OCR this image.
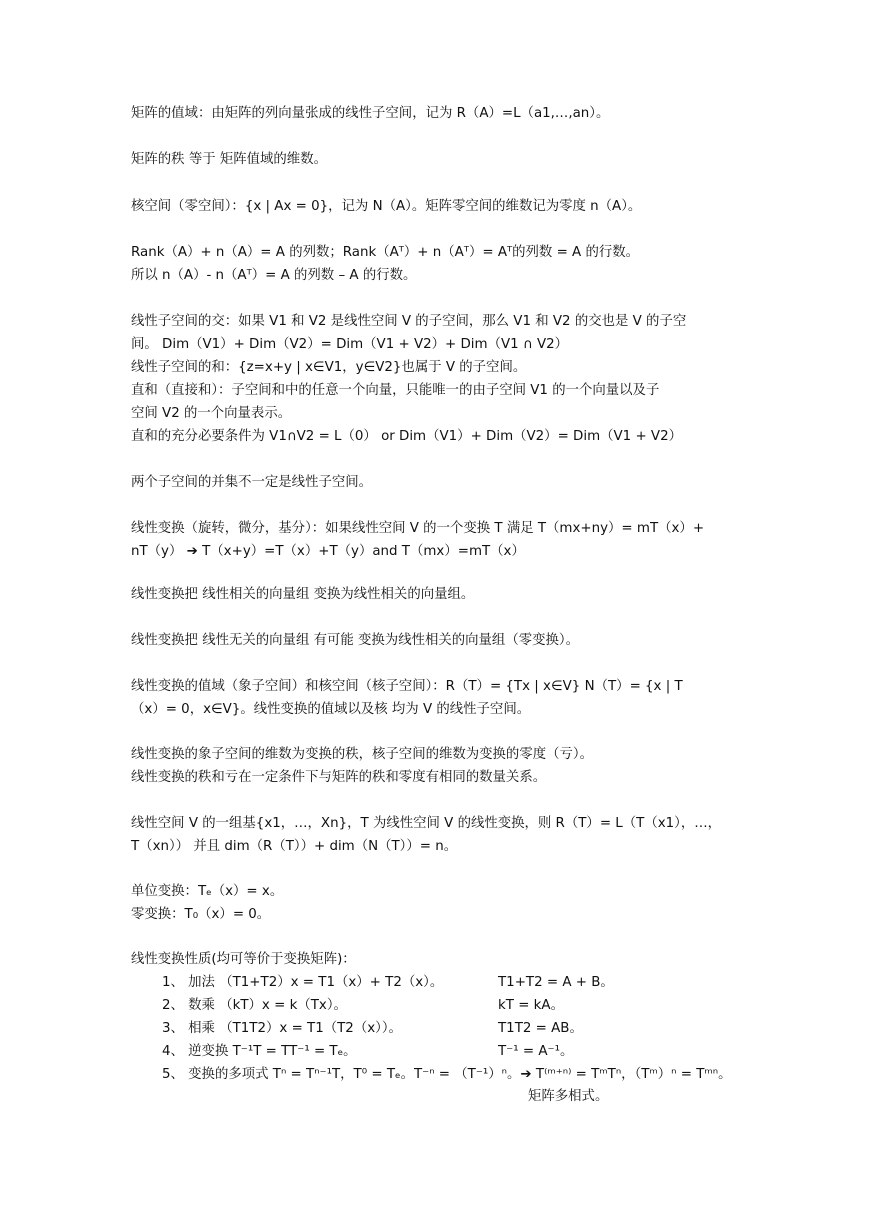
矩阵的值域：由矩阵的列向量张成的线性子空间，记为 R（A）=L（a1,…,an）。
矩阵的秩 等于 矩阵值域的维数。
核空间（零空间）：{x | Ax = 0}，记为 N（A）。矩阵零空间的维数记为零度 n（A）。
Rank（A）+ n（A）= A 的列数；Rank（Aᵀ）+ n（Aᵀ）= Aᵀ的列数 = A 的行数。
所以 n（A）- n（Aᵀ）= A 的列数 – A 的行数。
线性子空间的交：如果 V1 和 V2 是线性空间 V 的子空间，那么 V1 和 V2 的交也是 V 的子空
间。 Dim（V1）+ Dim（V2）= Dim（V1 + V2）+ Dim（V1 ∩ V2）
线性子空间的和：{z=x+y | x∈V1，y∈V2}也属于 V 的子空间。
直和（直接和）：子空间和中的任意一个向量，只能唯一的由子空间 V1 的一个向量以及子
空间 V2 的一个向量表示。
直和的充分必要条件为 V1∩V2 = L（0） or Dim（V1）+ Dim（V2）= Dim（V1 + V2）
两个子空间的并集不一定是线性子空间。
线性变换（旋转，微分，基分）：如果线性空间 V 的一个变换 T 满足 T（mx+ny）= mT（x）+
nT（y） ➔ T（x+y）=T（x）+T（y）and T（mx）=mT（x）
线性变换把 线性相关的向量组 变换为线性相关的向量组。
线性变换把 线性无关的向量组 有可能 变换为线性相关的向量组（零变换）。
线性变换的值域（象子空间）和核空间（核子空间）：R（T）= {Tx | x∈V} N（T）= {x | T
（x）= 0，x∈V}。线性变换的值域以及核 均为 V 的线性子空间。
线性变换的象子空间的维数为变换的秩，核子空间的维数为变换的零度（亏）。
线性变换的秩和亏在一定条件下与矩阵的秩和零度有相同的数量关系。
线性空间 V 的一组基{x1，…，Xn}，T 为线性空间 V 的线性变换，则 R（T）= L（T（x1），…，
T（xn）） 并且 dim（R（T））+ dim（N（T））= n。
单位变换：Tₑ（x）= x。
零变换：T₀（x）= 0。
线性变换性质(均可等价于变换矩阵)：
1、 加法 （T1+T2）x = T1（x）+ T2（x）。	T1+T2 = A + B。
2、 数乘 （kT）x = k（Tx）。	kT = kA。
3、 相乘 （T1T2）x = T1（T2（x））。	T1T2 = AB。
4、 逆变换 T⁻¹T = TT⁻¹ = Tₑ。	T⁻¹ = A⁻¹。
5、 变换的多项式 Tⁿ = Tⁿ⁻¹T，T⁰ = Tₑ。T⁻ⁿ = （T⁻¹）ⁿ。➔ T⁽ᵐ⁺ⁿ⁾ = TᵐTⁿ，（Tᵐ）ⁿ = Tᵐⁿ。
矩阵多相式。
